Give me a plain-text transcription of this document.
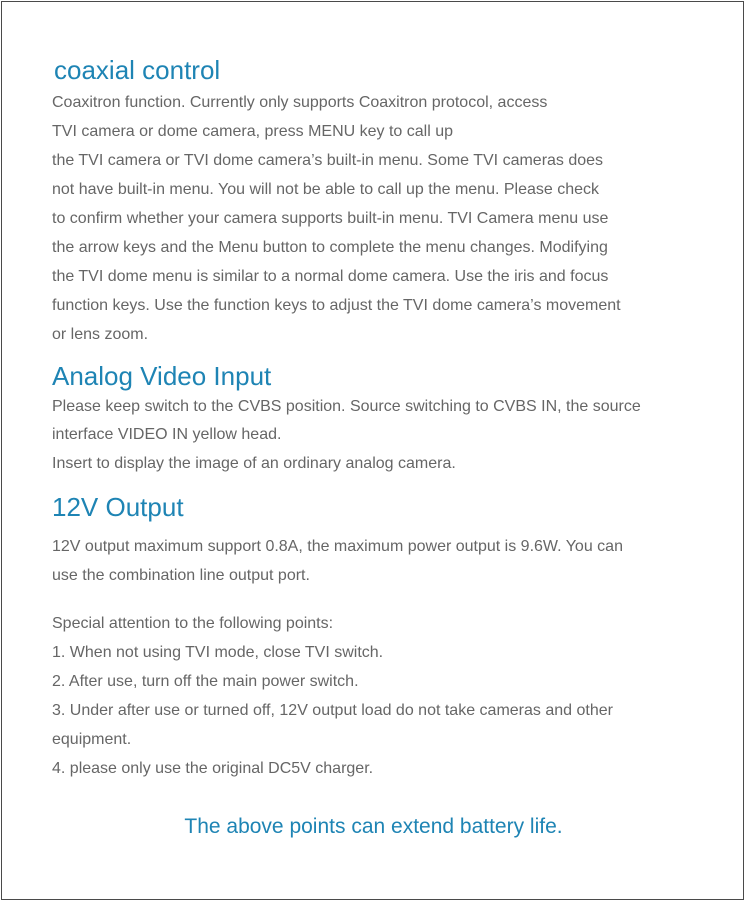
coaxial control

Coaxitron function. Currently only supports Coaxitron protocol, access
TVI camera or dome camera, press MENU key to call up
the TVI camera or TVI dome camera’s built-in menu. Some TVI cameras does
not have built-in menu. You will not be able to call up the menu. Please check
to confirm whether your camera supports built-in menu. TVI Camera menu use
the arrow keys and the Menu button to complete the menu changes. Modifying
the TVI dome menu is similar to a normal dome camera. Use the iris and focus
function keys. Use the function keys to adjust the TVI dome camera’s movement
or lens zoom.

Analog Video Input

Please keep switch to the CVBS position. Source switching to CVBS IN, the source
interface VIDEO IN yellow head.
Insert to display the image of an ordinary analog camera.

12V Output

12V output maximum support 0.8A, the maximum power output is 9.6W. You can
use the combination line output port.

Special attention to the following points:
1. When not using TVI mode, close TVI switch.
2. After use, turn off the main power switch.
3. Under after use or turned off, 12V output load do not take cameras and other
equipment.
4. please only use the original DC5V charger.

The above points can extend battery life.
